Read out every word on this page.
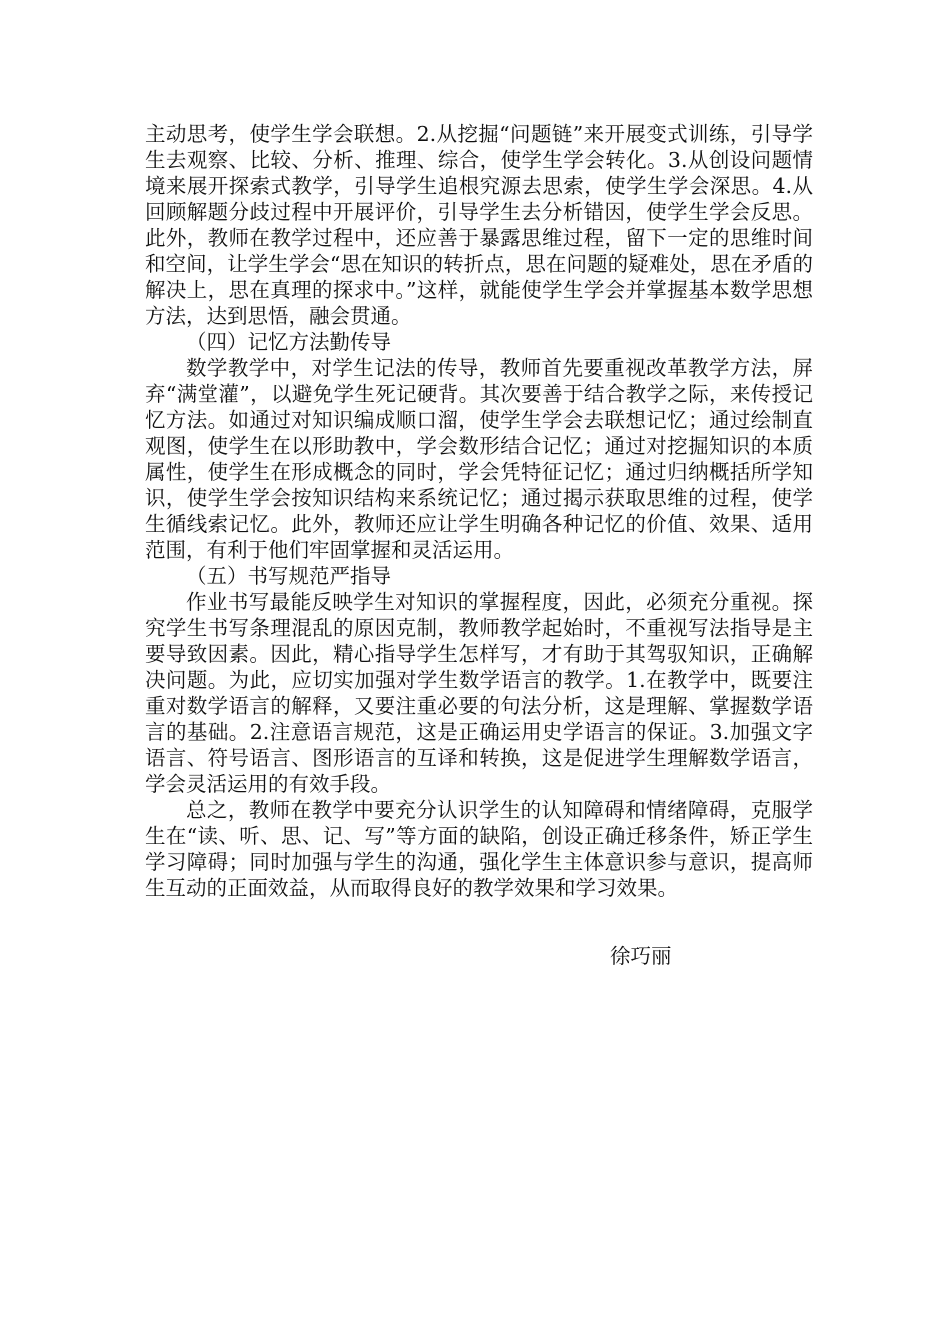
主动思考，使学生学会联想。2.从挖掘“问题链”来开展变式训练，引导学生去观察、比较、分析、推理、综合，使学生学会转化。3.从创设问题情境来展开探索式教学，引导学生追根究源去思索，使学生学会深思。4.从回顾解题分歧过程中开展评价，引导学生去分析错因，使学生学会反思。此外，教师在教学过程中，还应善于暴露思维过程，留下一定的思维时间和空间，让学生学会“思在知识的转折点，思在问题的疑难处，思在矛盾的解决上，思在真理的探求中。”这样，就能使学生学会并掌握基本数学思想方法，达到思悟，融会贯通。

（四）记忆方法勤传导

数学教学中，对学生记法的传导，教师首先要重视改革教学方法，屏弃“满堂灌”，以避免学生死记硬背。其次要善于结合教学之际，来传授记忆方法。如通过对知识编成顺口溜，使学生学会去联想记忆；通过绘制直观图，使学生在以形助教中，学会数形结合记忆；通过对挖掘知识的本质属性，使学生在形成概念的同时，学会凭特征记忆；通过归纳概括所学知识，使学生学会按知识结构来系统记忆；通过揭示获取思维的过程，使学生循线索记忆。此外，教师还应让学生明确各种记忆的价值、效果、适用范围，有利于他们牢固掌握和灵活运用。

（五）书写规范严指导

作业书写最能反映学生对知识的掌握程度，因此，必须充分重视。探究学生书写条理混乱的原因克制，教师教学起始时，不重视写法指导是主要导致因素。因此，精心指导学生怎样写，才有助于其驾驭知识，正确解决问题。为此，应切实加强对学生数学语言的教学。1.在教学中，既要注重对数学语言的解释，又要注重必要的句法分析，这是理解、掌握数学语言的基础。2.注意语言规范，这是正确运用史学语言的保证。3.加强文字语言、符号语言、图形语言的互译和转换，这是促进学生理解数学语言，学会灵活运用的有效手段。

总之，教师在教学中要充分认识学生的认知障碍和情绪障碍，克服学生在“读、听、思、记、写”等方面的缺陷，创设正确迁移条件，矫正学生学习障碍；同时加强与学生的沟通，强化学生主体意识参与意识，提高师生互动的正面效益，从而取得良好的教学效果和学习效果。

徐巧丽
